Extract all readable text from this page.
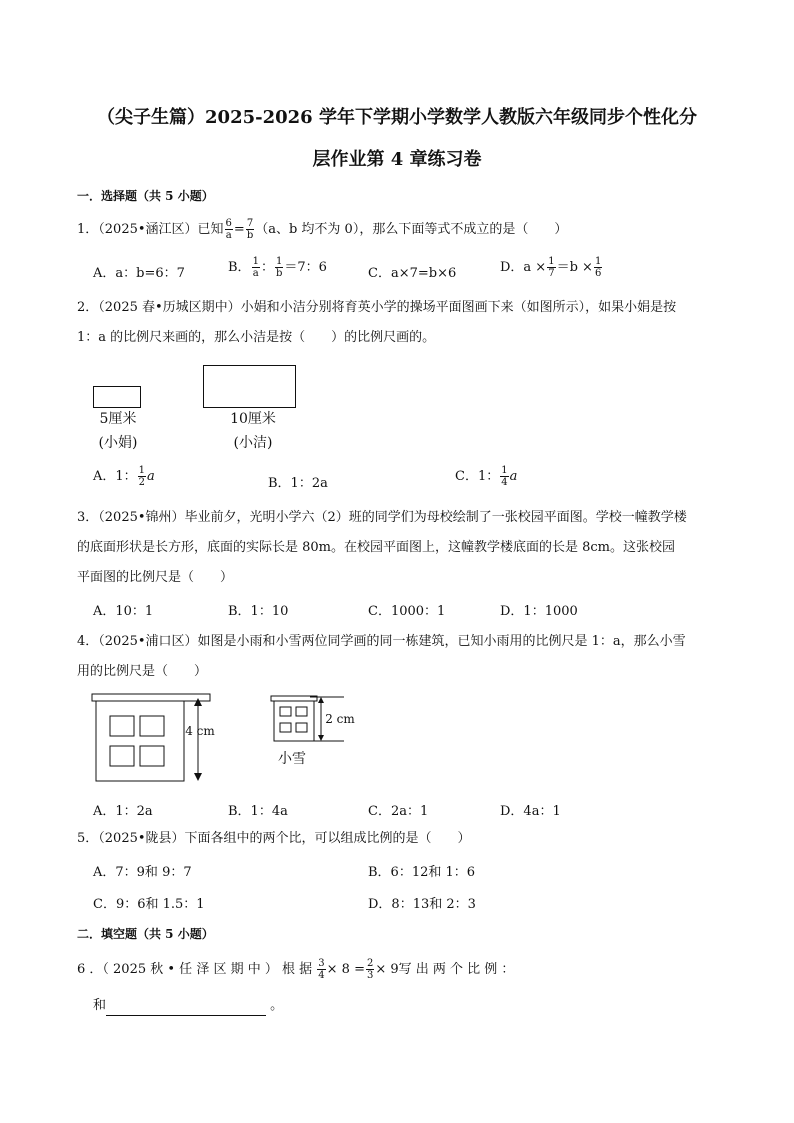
（尖子生篇）2025-2026 学年下学期小学数学人教版六年级同步个性化分
层作业第 4 章练习卷
一．选择题（共 5 小题）
1．（2025•涵江区）已知 $\frac{6}{a} = \frac{7}{b} (a$、b 均不为 0），那么下面等式不成立的是（　　）
A．a：b=6：7	B． $\frac{1}{a}$ ： $\frac{1}{b} =7$：6	C．a×7=b×6	D．$a \times \frac{1}{7} =b \times \frac{1}{6}$
2．（2025 春•历城区期中）小娟和小洁分别将育英小学的操场平面图画下来（如图所示），如果小娟是按
1：a 的比例尺来画的，那么小洁是按（　　）的比例尺画的。
5厘米
(小娟)
10厘米
(小洁)
A．1： $\frac{1}{2}$ a	B．1：2a	C．1： $\frac{1}{4}$ a
3．（2025•锦州）毕业前夕，光明小学六（2）班的同学们为母校绘制了一张校园平面图。学校一幢教学楼
的底面形状是长方形，底面的实际长是 80m。在校园平面图上，这幢教学楼底面的长是 8cm。这张校园
平面图的比例尺是（　　）
A．10：1	B．1：10	C．1000：1	D．1：1000
4．（2025•浦口区）如图是小雨和小雪两位同学画的同一栋建筑，已知小雨用的比例尺是 1：a，那么小雪
用的比例尺是（　　）
4 cm
2 cm
小雪
A．1：2a	B．1：4a	C．2a：1	D．4a：1
5．（2025•陇县）下面各组中的两个比，可以组成比例的是（　　）
A．7：9和 9：7	B．6：12和 1：6
C．9：6和 1.5：1	D．8：13和 2：3
二．填空题（共 5 小题）
6 ．（ 2025 秋 • 任 泽 区 期 中 ） 根 据 $\frac{3}{4} \times 8 = \frac{2}{3} \times 9$写 出 两 个 比 例 ：
和	。
